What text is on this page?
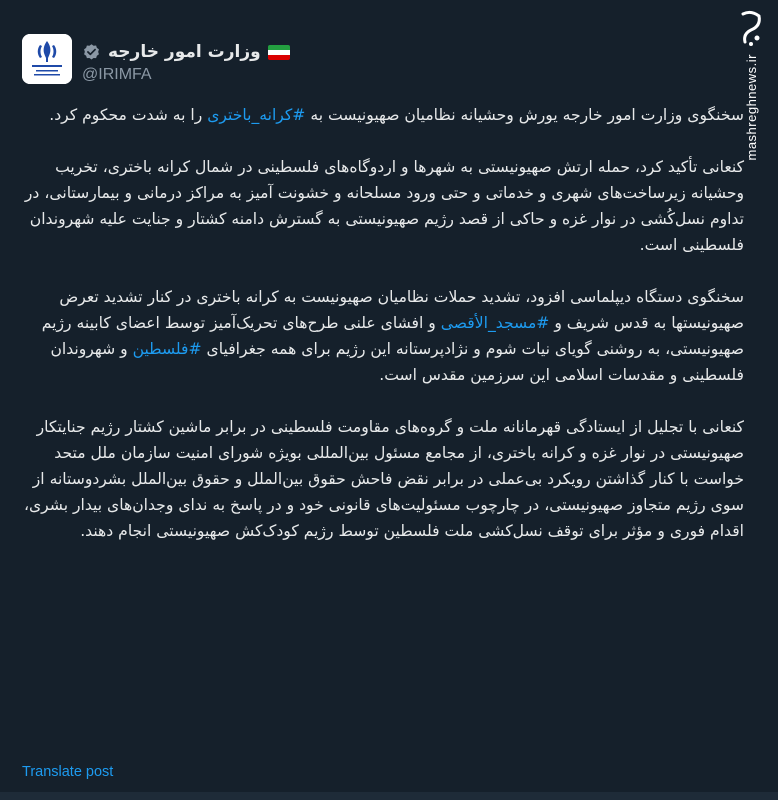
mashreghnews.ir
وزارت امور خارجه
@IRIMFA

سخنگوی وزارت امور خارجه یورش وحشیانه نظامیان صهیونیست به #کرانه_باختری را به شدت محکوم کرد.

کنعانی تأکید کرد، حمله ارتش صهیونیستی به شهرها و اردوگاه‌های فلسطینی در شمال کرانه باختری، تخریب وحشیانه زیرساخت‌های شهری و خدماتی و حتی ورود مسلحانه و خشونت آمیز به مراکز درمانی و بیمارستانی، در تداوم نسل‌کُشی در نوار غزه و حاکی از قصد رژیم صهیونیستی به گسترش دامنه کشتار و جنایت علیه شهروندان فلسطینی است.

سخنگوی دستگاه دیپلماسی افزود، تشدید حملات نظامیان صهیونیست به کرانه باختری در کنار تشدید تعرض صهیونیستها به قدس شریف و #مسجد_الأقصی و افشای علنی طرح‌های تحریک‌آمیز توسط اعضای کابینه رژیم صهیونیستی، به روشنی گویای نیات شوم و نژادپرستانه این رژیم برای همه جغرافیای #فلسطین و شهروندان فلسطینی و مقدسات اسلامی این سرزمین مقدس است.

کنعانی با تجلیل از ایستادگی قهرمانانه ملت و گروه‌های مقاومت فلسطینی در برابر ماشین کشتار رژیم جنایتکار صهیونیستی در نوار غزه و کرانه باختری، از مجامع مسئول بین‌المللی بویژه شورای امنیت سازمان ملل متحد خواست با کنار گذاشتن رویکرد بی‌عملی در برابر نقض فاحش حقوق بین‌الملل و حقوق بین‌الملل بشردوستانه از سوی رژیم متجاوز صهیونیستی، در چارچوب مسئولیت‌های قانونی خود و در پاسخ به ندای وجدان‌های بیدار بشری، اقدام فوری و مؤثر برای توقف نسل‌کشی ملت فلسطین توسط رژیم کودک‌کش صهیونیستی انجام دهند.

Translate post
